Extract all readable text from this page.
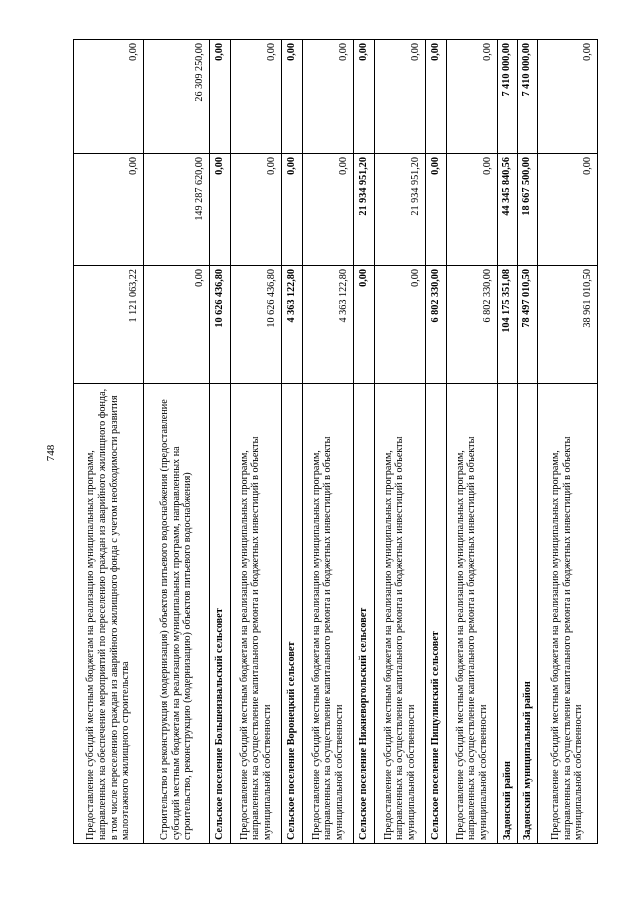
748	Предоставление субсидий местным бюджетам на реализацию муниципальных программ, направленных на обеспечение мероприятий по переселению граждан из аварийного жилищного фонда, в том числе переселению граждан из аварийного жилищного фонда с учетом необходимости развития малоэтажного жилищного строительства	1 121 063,22	0,00	0,00
Строительство и реконструкция (модернизация) объектов питьевого водоснабжения (предоставление субсидий местным бюджетам на реализацию муниципальных программ, направленных на строительство, реконструкцию (модернизацию) объектов питьевого водоснабжения)	0,00	149 287 620,00	26 309 250,00
Сельское поселение Большеизвальский сельсовет	10 626 436,80	0,00	0,00
Предоставление субсидий местным бюджетам на реализацию муниципальных программ, направленных на осуществление капитального ремонта и бюджетных инвестиций в объекты муниципальной собственности	10 626 436,80	0,00	0,00
Сельское поселение Воронецкий сельсовет	4 363 122,80	0,00	0,00
Предоставление субсидий местным бюджетам на реализацию муниципальных программ, направленных на осуществление капитального ремонта и бюджетных инвестиций в объекты муниципальной собственности	4 363 122,80	0,00	0,00
Сельское поселение Нижневоргольский сельсовет	0,00	21 934 951,20	0,00
Предоставление субсидий местным бюджетам на реализацию муниципальных программ, направленных на осуществление капитального ремонта и бюджетных инвестиций в объекты муниципальной собственности	0,00	21 934 951,20	0,00
Сельское поселение Пищулинский сельсовет	6 802 330,00	0,00	0,00
Предоставление субсидий местным бюджетам на реализацию муниципальных программ, направленных на осуществление капитального ремонта и бюджетных инвестиций в объекты муниципальной собственности	6 802 330,00	0,00	0,00
Задонский район	104 175 351,08	44 345 840,56	7 410 000,00
Задонский муниципальный район	78 497 010,50	18 667 500,00	7 410 000,00
Предоставление субсидий местным бюджетам на реализацию муниципальных программ, направленных на осуществление капитального ремонта и бюджетных инвестиций в объекты муниципальной собственности	38 961 010,50	0,00	0,00
